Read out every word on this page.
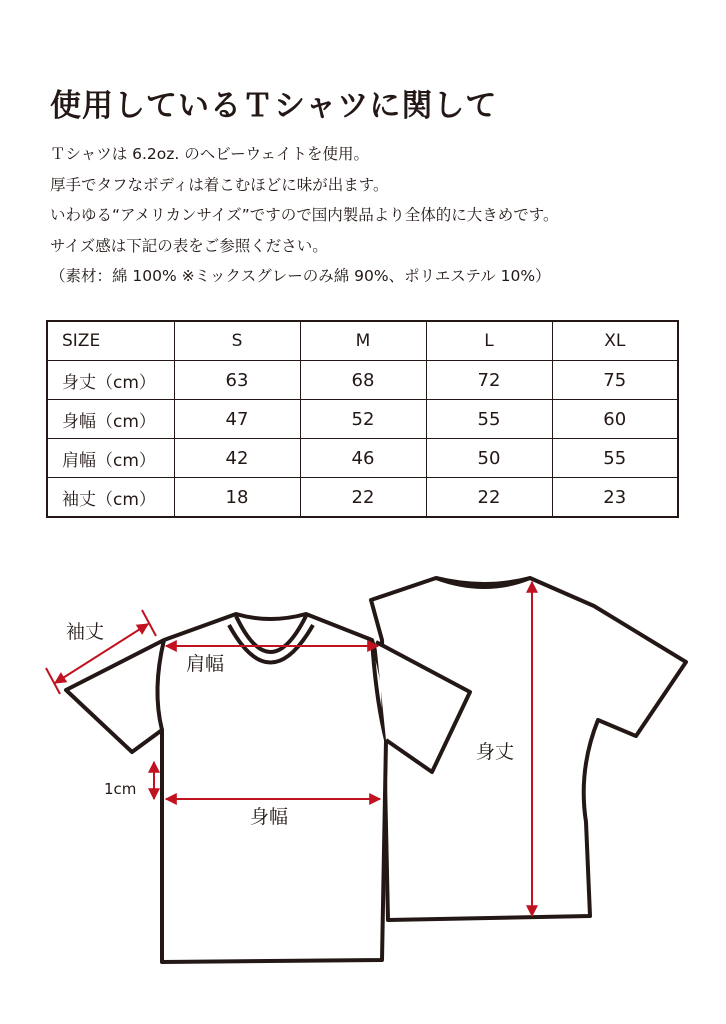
使用しているＴシャツに関して

Ｔシャツは 6.2oz. のヘビーウェイトを使用。

厚手でタフなボディは着こむほどに味が出ます。

いわゆる“アメリカンサイズ”ですので国内製品より全体的に大きめです。

サイズ感は下記の表をご参照ください。

（素材：綿 100% ※ミックスグレーのみ綿 90%、ポリエステル 10%）

SIZE	S	M	L	XL
身丈（cm）	63	68	72	75
身幅（cm）	47	52	55	60
肩幅（cm）	42	46	50	55
袖丈（cm）	18	22	22	23
袖丈
肩幅
身幅
1cm
身丈
